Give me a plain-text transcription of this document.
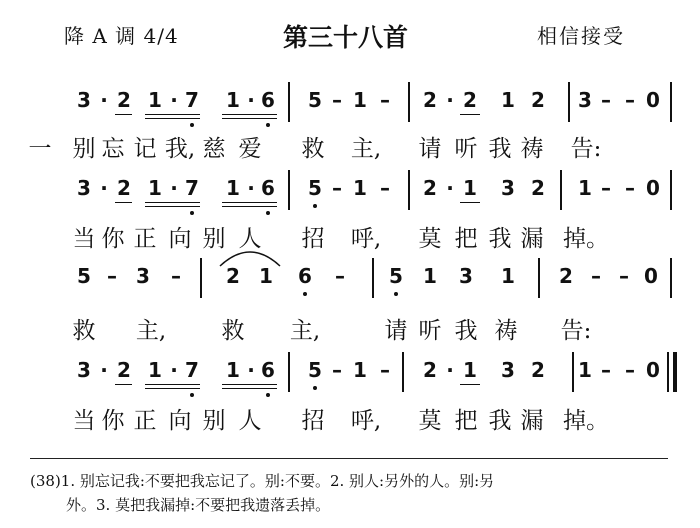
降 A 调 4/4	第三十八首	相信接受
3 · 2 1 · 7 1 · 6 5 – 1 – 2 · 2 1 2 3 – – 0
一 别 忘 记 我, 慈 爱 救 主, 请 听 我 祷 告:
3 · 2 1 · 7 1 · 6 5 – 1 – 2 · 1 3 2 1 – – 0
当 你 正 向 别 人 招 呼, 莫 把 我 漏 掉。
5 – 3 – 2 1 6 – 5 1 3 1 2 – – 0
救 主, 救 主,	请 听 我 祷 告:
3 · 2 1 · 7 1 · 6 5 – 1 – 2 · 1 3 2 1 – – 0
当 你 正 向 别 人 招 呼, 莫 把 我 漏 掉。
(38)1. 别忘记我:不要把我忘记了。别:不要。2. 别人:另外的人。别:另
外。3. 莫把我漏掉:不要把我遗落丢掉。
